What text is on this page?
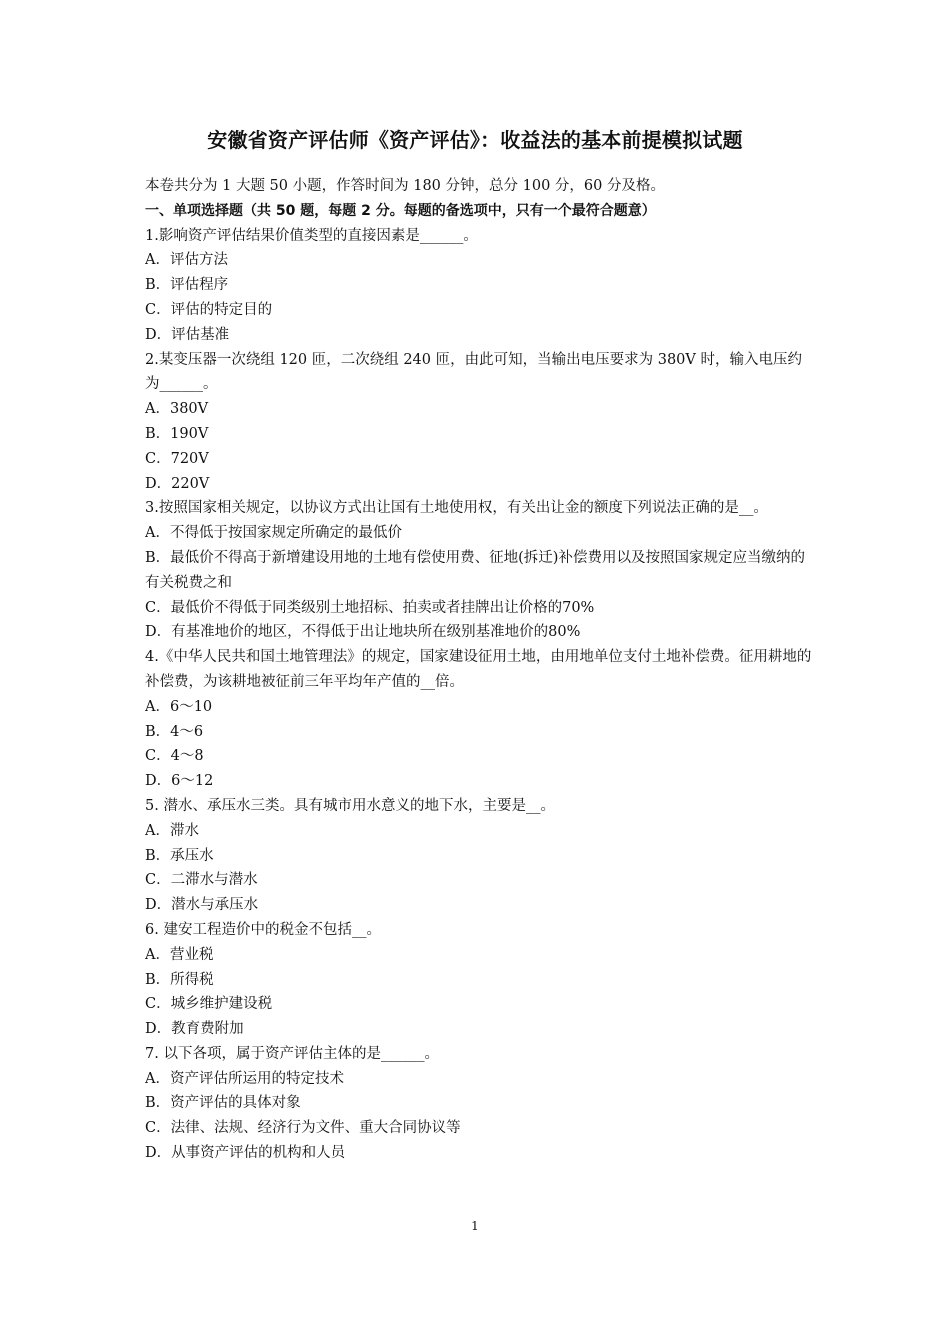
安徽省资产评估师《资产评估》：收益法的基本前提模拟试题
本卷共分为 1 大题 50 小题，作答时间为 180 分钟，总分 100 分，60 分及格。
一、单项选择题（共 50 题，每题 2 分。每题的备选项中，只有一个最符合题意）
1.影响资产评估结果价值类型的直接因素是______。
A．评估方法
B．评估程序
C．评估的特定目的
D．评估基准
2.某变压器一次绕组 120 匝，二次绕组 240 匝，由此可知，当输出电压要求为 380V 时，输入电压约为______。
A．380V
B．190V
C．720V
D．220V
3.按照国家相关规定，以协议方式出让国有土地使用权，有关出让金的额度下列说法正确的是__。
A．不得低于按国家规定所确定的最低价
B．最低价不得高于新增建设用地的土地有偿使用费、征地(拆迁)补偿费用以及按照国家规定应当缴纳的有关税费之和
C．最低价不得低于同类级别土地招标、拍卖或者挂牌出让价格的70%
D．有基准地价的地区，不得低于出让地块所在级别基准地价的80%
4.《中华人民共和国土地管理法》的规定，国家建设征用土地，由用地单位支付土地补偿费。征用耕地的补偿费，为该耕地被征前三年平均年产值的__倍。
A．6～10
B．4～6
C．4～8
D．6～12
5. 潜水、承压水三类。具有城市用水意义的地下水，主要是__。
A．滞水
B．承压水
C．二滞水与潜水
D．潜水与承压水
6. 建安工程造价中的税金不包括__。
A．营业税
B．所得税
C．城乡维护建设税
D．教育费附加
7. 以下各项，属于资产评估主体的是______。
A．资产评估所运用的特定技术
B．资产评估的具体对象
C．法律、法规、经济行为文件、重大合同协议等
D．从事资产评估的机构和人员
1
